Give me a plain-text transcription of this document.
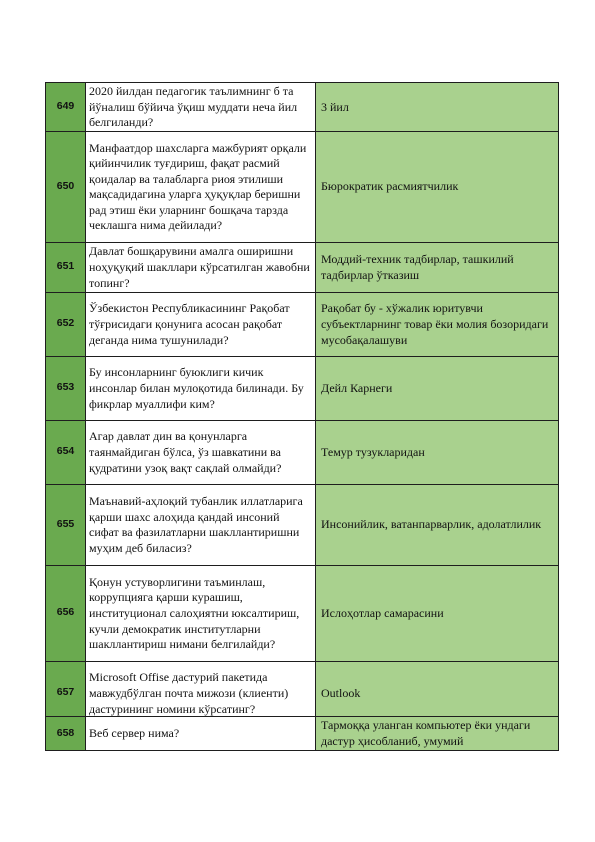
649	2020 йилдан педагогик таълимнинг б та йўналиш бўйича ўқиш муддати неча йил белгиланди?	3 йил
650	Манфаатдор шахсларга мажбурият орқали қийинчилик туғдириш, фақат расмий қоидалар ва талабларга риоя этилиши мақсадидагина уларга ҳуқуқлар беришни рад этиш ёки уларнинг бошқача тарзда чеклашга нима дейилади?	Бюрократик расмиятчилик
651	Давлат бошқарувини амалга оширишни ноҳуқуқий шакллари кўрсатилган жавобни топинг?	Моддий-техник тадбирлар, ташкилий тадбирлар ўтказиш
652	Ўзбекистон Республикасининг Рақобат тўғрисидаги қонунига асосан рақобат деганда нима тушунилади?	Рақобат бу - хўжалик юритувчи субъектларнинг товар ёки молия бозоридаги мусобақалашуви
653	Бу инсонларнинг буюклиги кичик инсонлар билан мулоқотида билинади. Бу фикрлар муаллифи ким?	Дейл Карнеги
654	Агар давлат дин ва қонунларга таянмайдиган бўлса, ўз шавкатини ва қудратини узоқ вақт сақлай олмайди?	Темур тузукларидан
655	Маънавий-аҳлоқий тубанлик иллатларига қарши шахс алоҳида қандай инсоний сифат ва фазилатларни шакллантиришни муҳим деб биласиз?	Инсонийлик, ватанпарварлик, адолатлилик
656	Қонун устуворлигини таъминлаш, коррупцияга қарши курашиш, институционал салоҳиятни юксалтириш, кучли демократик институтларни шакллантириш нимани белгилайди?	Ислоҳотлар самарасини
657	Microsoft Offise дастурий пакетида мавжудбўлган почта мижози (клиенти) дастурининг номини кўрсатинг?	Outlook
658	Веб сервер нима?	Тармоққа уланган компьютер ёки ундаги дастур ҳисобланиб, умумий
